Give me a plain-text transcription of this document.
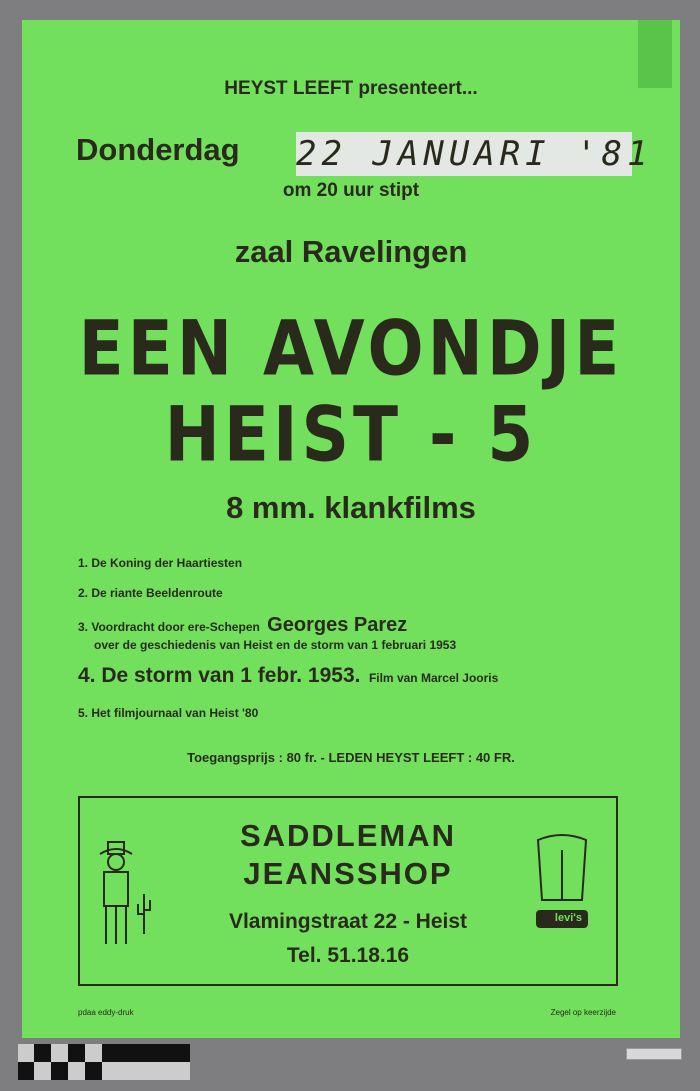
HEYST LEEFT presenteert...
Donderdag 22 JANUARI '81
om 20 uur stipt
zaal Ravelingen
EEN AVONDJE
HEIST - 5
8 mm. klankfilms
1. De Koning der Haartiesten
2. De riante Beeldenroute
3. Voordracht door ere-Schepen Georges Parez
over de geschiedenis van Heist en de storm van 1 februari 1953
4. De storm van 1 febr. 1953. Film van Marcel Jooris
5. Het filmjournaal van Heist '80
Toegangsprijs : 80 fr. - LEDEN HEYST LEEFT : 40 FR.
SADDLEMAN
JEANSSHOP
Vlamingstraat 22 - Heist
Tel. 51.18.16
levi's
pdaa eddy-druk	Zegel op keerzijde
